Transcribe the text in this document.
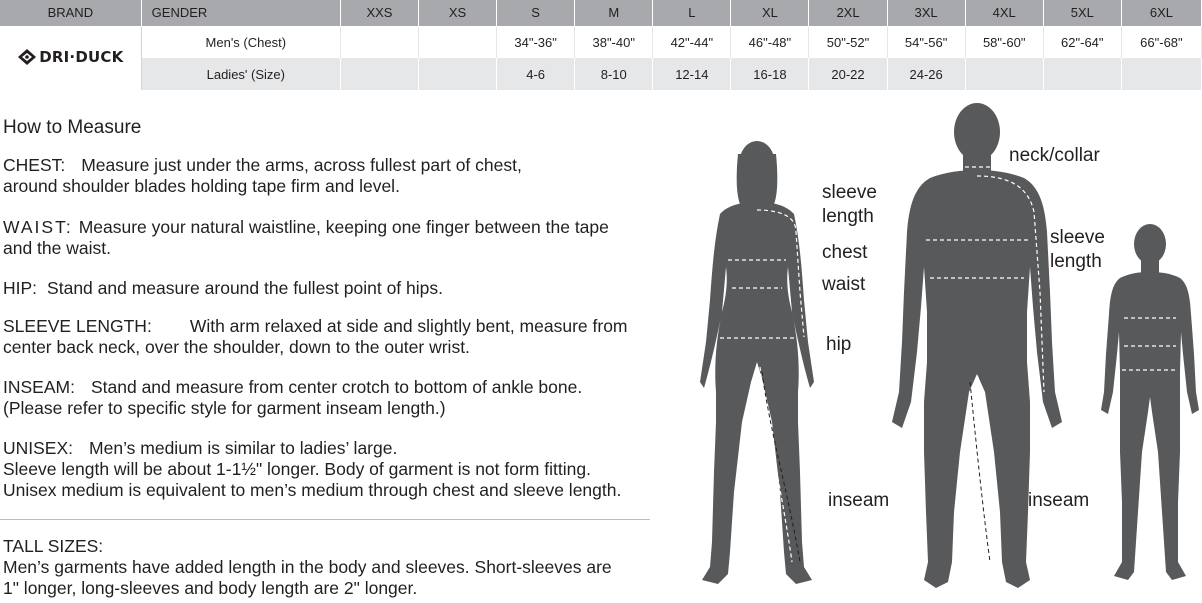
BRAND	GENDER	XXS	XS	S	M	L	XL	2XL	3XL	4XL	5XL	6XL

DRI·DUCK	Men's (Chest)			34"-36"	38"-40"	42"-44"	46"-48"	50"-52"	54"-56"	58"-60"	62"-64"	66"-68"
	Ladies' (Size)			4-6	8-10	12-14	16-18	20-22	24-26			
How to Measure
CHEST: Measure just under the arms, across fullest part of chest,
around shoulder blades holding tape firm and level.
WAIST: Measure your natural waistline, keeping one finger between the tape
and the waist.
HIP: Stand and measure around the fullest point of hips.
SLEEVE LENGTH: With arm relaxed at side and slightly bent, measure from
center back neck, over the shoulder, down to the outer wrist.
INSEAM: Stand and measure from center crotch to bottom of ankle bone.
(Please refer to specific style for garment inseam length.)
UNISEX: Men’s medium is similar to ladies’ large.
Sleeve length will be about 1-1½" longer. Body of garment is not form fitting.
Unisex medium is equivalent to men’s medium through chest and sleeve length.
TALL SIZES:
Men’s garments have added length in the body and sleeves. Short-sleeves are
1" longer, long-sleeves and body length are 2" longer.
sleeve
length
chest
waist
hip
inseam
neck/collar
sleeve
length
inseam
